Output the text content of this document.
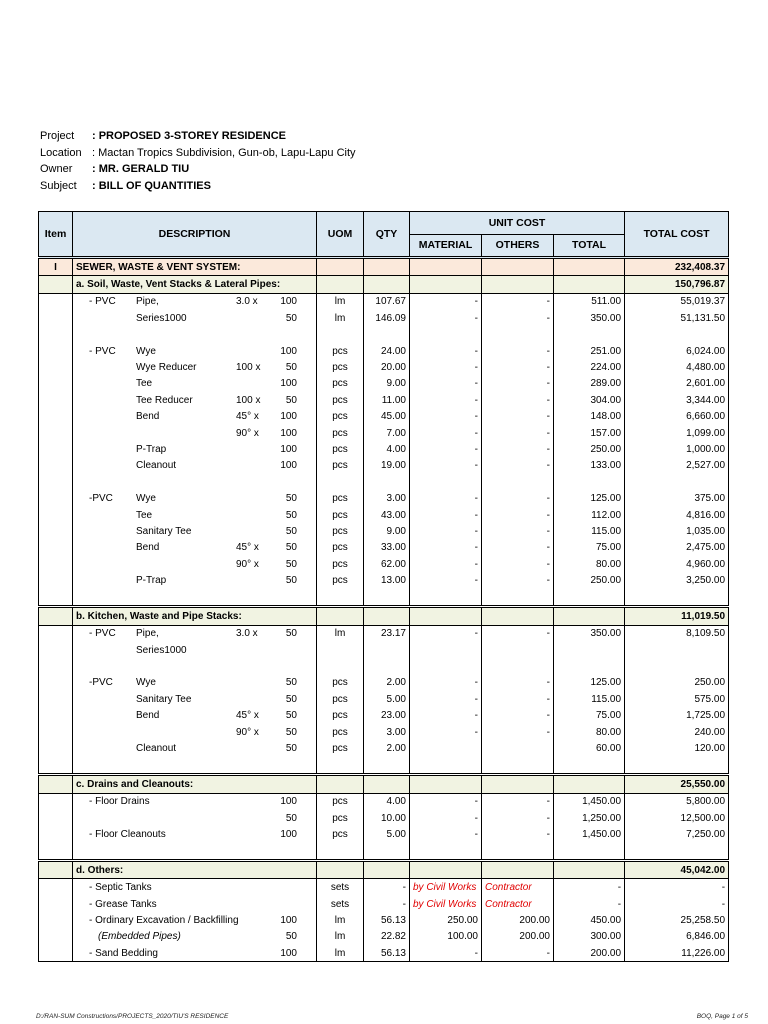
Project	: PROPOSED 3-STOREY RESIDENCE
Location : Mactan Tropics Subdivision, Gun-ob, Lapu-Lapu City
Owner	: MR. GERALD TIU
Subject	: BILL OF QUANTITIES
Item	DESCRIPTION	UOM	QTY	UNIT COST			TOTAL COST
				MATERIAL	OTHERS	TOTAL	
I	SEWER, WASTE & VENT SYSTEM:						232,408.37
	a. Soil, Waste, Vent Stacks & Lateral Pipes:						150,796.87

	- PVC Pipe, 3.0 x 100	lm	107.67	-	-	511.00	55,019.37

	Series1000 50	lm	146.09	-	-	350.00	51,131.50

	- PVC Wye 100	pcs	24.00	-	-	251.00	6,024.00

	Wye Reducer 100 x 50	pcs	20.00	-	-	224.00	4,480.00

	Tee 100	pcs	9.00	-	-	289.00	2,601.00

	Tee Reducer 100 x 50	pcs	11.00	-	-	304.00	3,344.00

	Bend 45° x 100	pcs	45.00	-	-	148.00	6,660.00

	90° x 100	pcs	7.00	-	-	157.00	1,099.00

	P-Trap 100	pcs	4.00	-	-	250.00	1,000.00

	Cleanout 100	pcs	19.00	-	-	133.00	2,527.00

	-PVC Wye 50	pcs	3.00	-	-	125.00	375.00

	Tee 50	pcs	43.00	-	-	112.00	4,816.00

	Sanitary Tee 50	pcs	9.00	-	-	115.00	1,035.00

	Bend 45° x 50	pcs	33.00	-	-	75.00	2,475.00

	90° x 50	pcs	62.00	-	-	80.00	4,960.00

	P-Trap 50	pcs	13.00	-	-	250.00	3,250.00

	b. Kitchen, Waste and Pipe Stacks:						11,019.50

	- PVC Pipe, 3.0 x 50	lm	23.17	-	-	350.00	8,109.50

	Series1000						

	-PVC Wye 50	pcs	2.00	-	-	125.00	250.00

	Sanitary Tee 50	pcs	5.00	-	-	115.00	575.00

	Bend 45° x 50	pcs	23.00	-	-	75.00	1,725.00

	90° x 50	pcs	3.00	-	-	80.00	240.00

	Cleanout 50	pcs	2.00			60.00	120.00

	c. Drains and Cleanouts:						25,550.00

	- Floor Drains 100	pcs	4.00	-	-	1,450.00	5,800.00

	50	pcs	10.00	-	-	1,250.00	12,500.00

	- Floor Cleanouts 100	pcs	5.00	-	-	1,450.00	7,250.00

	d. Others:						45,042.00

	- Septic Tanks	sets	-	by Civil Works	Contractor	-	-

	- Grease Tanks	sets	-	by Civil Works	Contractor	-	-

	- Ordinary Excavation / Backfilling 100	lm	56.13	250.00	200.00	450.00	25,258.50

	(Embedded Pipes) 50	lm	22.82	100.00	200.00	300.00	6,846.00

	- Sand Bedding 100	lm	56.13	-	-	200.00	11,226.00
D:/RAN-SUM Constructions/PROJECTS_2020/TIU'S RESIDENCE	BOQ, Page 1 of 5
